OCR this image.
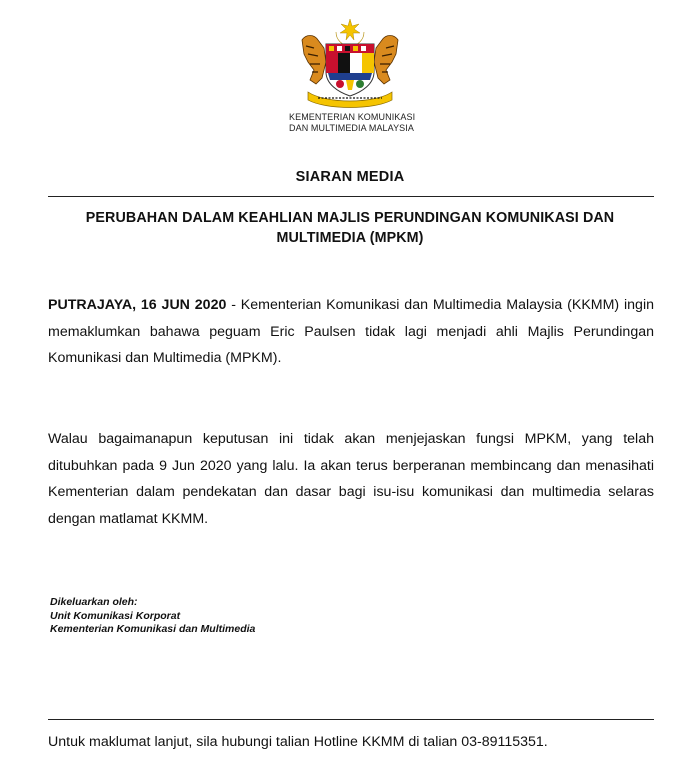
KEMENTERIAN KOMUNIKASI
DAN MULTIMEDIA MALAYSIA
SIARAN MEDIA
PERUBAHAN DALAM KEAHLIAN MAJLIS PERUNDINGAN KOMUNIKASI DAN MULTIMEDIA (MPKM)
PUTRAJAYA, 16 JUN 2020 - Kementerian Komunikasi dan Multimedia Malaysia (KKMM) ingin memaklumkan bahawa peguam Eric Paulsen tidak lagi menjadi ahli Majlis Perundingan Komunikasi dan Multimedia (MPKM).
Walau bagaimanapun keputusan ini tidak akan menjejaskan fungsi MPKM, yang telah ditubuhkan pada 9 Jun 2020 yang lalu. Ia akan terus berperanan membincang dan menasihati Kementerian dalam pendekatan dan dasar bagi isu-isu komunikasi dan multimedia selaras dengan matlamat KKMM.
Dikeluarkan oleh:
Unit Komunikasi Korporat
Kementerian Komunikasi dan Multimedia
Untuk maklumat lanjut, sila hubungi talian Hotline KKMM di talian 03-89115351.
